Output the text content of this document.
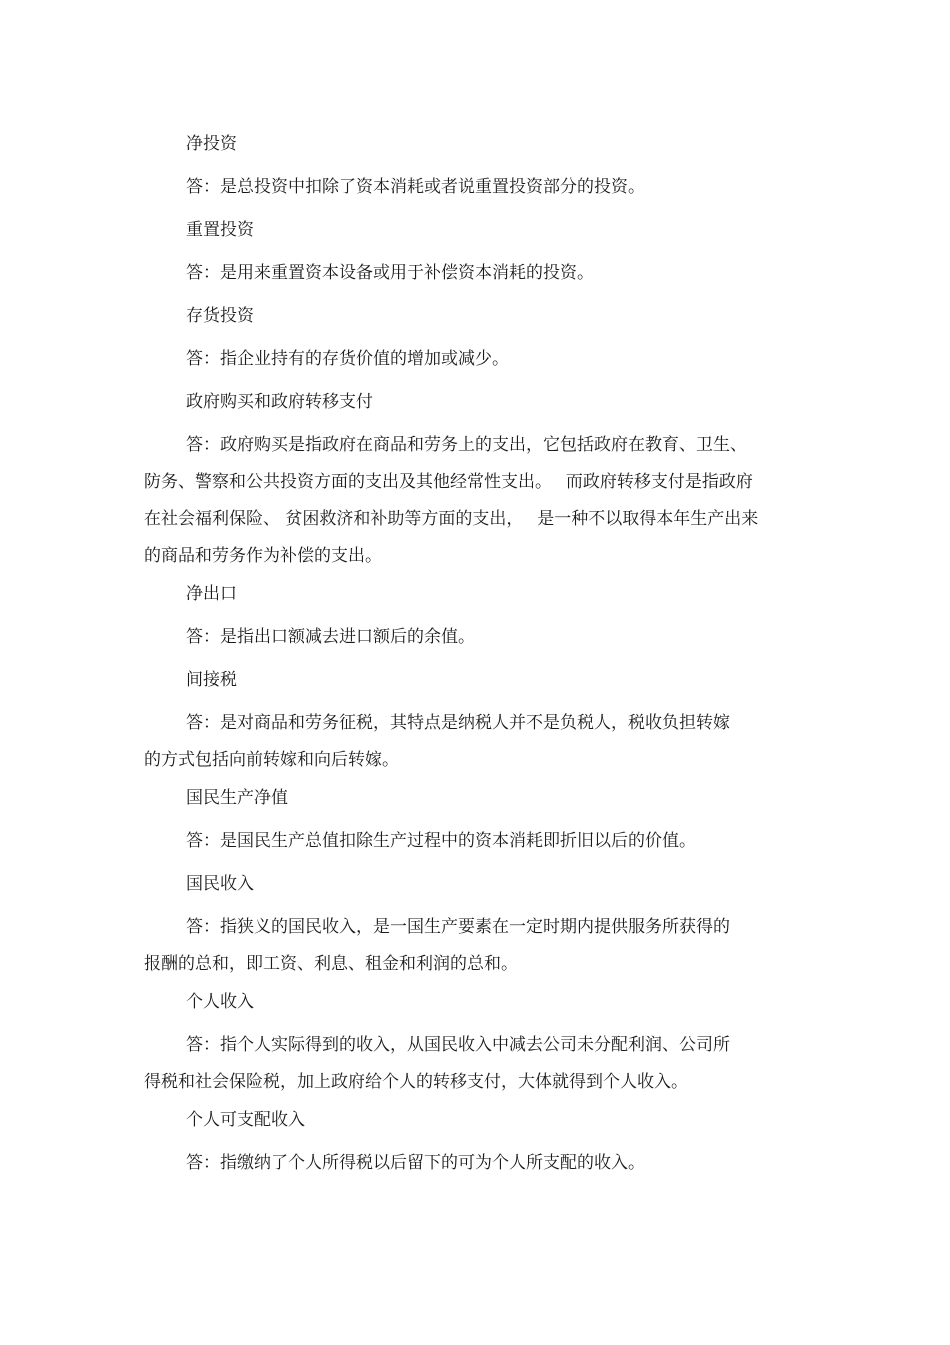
净投资
答：是总投资中扣除了资本消耗或者说重置投资部分的投资。
重置投资
答：是用来重置资本设备或用于补偿资本消耗的投资。
存货投资
答：指企业持有的存货价值的增加或减少。
政府购买和政府转移支付
答：政府购买是指政府在商品和劳务上的支出，它包括政府在教育、卫生、
防务、警察和公共投资方面的支出及其他经常性支出。　 而政府转移支付是指政府
在社会福利保险、 贫困救济和补助等方面的支出，　 是一种不以取得本年生产出来
的商品和劳务作为补偿的支出。
净出口
答：是指出口额减去进口额后的余值。
间接税
答：是对商品和劳务征税，其特点是纳税人并不是负税人，税收负担转嫁
的方式包括向前转嫁和向后转嫁。
国民生产净值
答：是国民生产总值扣除生产过程中的资本消耗即折旧以后的价值。
国民收入
答：指狭义的国民收入，是一国生产要素在一定时期内提供服务所获得的
报酬的总和，即工资、利息、租金和利润的总和。
个人收入
答：指个人实际得到的收入，从国民收入中减去公司未分配利润、公司所
得税和社会保险税，加上政府给个人的转移支付，大体就得到个人收入。
个人可支配收入
答：指缴纳了个人所得税以后留下的可为个人所支配的收入。
